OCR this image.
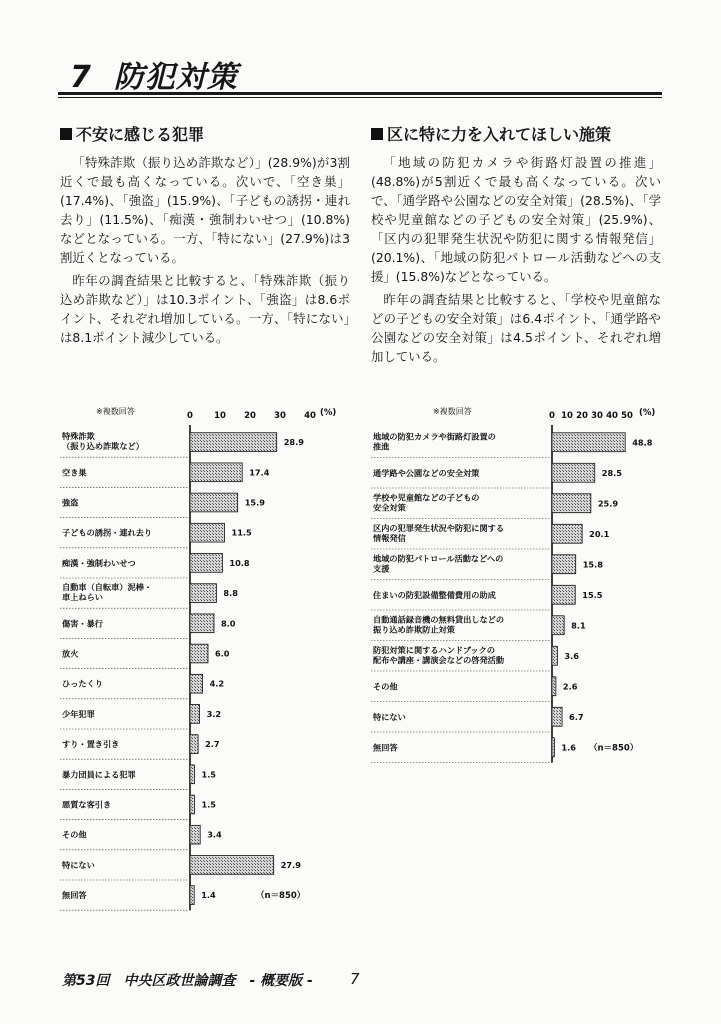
7 防犯対策
不安に感じる犯罪

「特殊詐欺（振り込め詐欺など）」(28.9%)が3割近くで最も高くなっている。次いで、「空き巣」(17.4%)、「強盗」(15.9%)、「子どもの誘拐・連れ去り」(11.5%)、「痴漢・強制わいせつ」(10.8%)などとなっている。一方、「特にない」(27.9%)は3割近くとなっている。

昨年の調査結果と比較すると、「特殊詐欺（振り込め詐欺など）」は10.3ポイント、「強盗」は8.6ポイント、それぞれ増加している。一方、「特にない」は8.1ポイント減少している。

区に特に力を入れてほしい施策

「地域の防犯カメラや街路灯設置の推進」(48.8%)が5割近くで最も高くなっている。次いで、「通学路や公園などの安全対策」(28.5%)、「学校や児童館などの子どもの安全対策」(25.9%)、「区内の犯罪発生状況や防犯に関する情報発信」(20.1%)、「地域の防犯パトロール活動などへの支援」(15.8%)などとなっている。

昨年の調査結果と比較すると、「学校や児童館などの子どもの安全対策」は6.4ポイント、「通学路や公園などの安全対策」は4.5ポイント、それぞれ増加している。

※複数回答	0 10 20 30 40 (%)
特殊詐欺
（振り込め詐欺など）	28.9
空き巣	17.4
強盗	15.9
子どもの誘拐・連れ去り	11.5
痴漢・強制わいせつ	10.8
自動車（自転車）泥棒・
車上ねらい	8.8
傷害・暴行	8.0
放火	6.0
ひったくり	4.2
少年犯罪	3.2
すり・置き引き	2.7
暴力団員による犯罪	1.5
悪質な客引き	1.5
その他	3.4
特にない	27.9
無回答	1.4	（n＝850）
※複数回答	0 10 20 30 40 50 (%)
地域の防犯カメラや街路灯設置の
推進	48.8
通学路や公園などの安全対策	28.5
学校や児童館などの子どもの
安全対策	25.9
区内の犯罪発生状況や防犯に関する
情報発信	20.1
地域の防犯パトロール活動などへの
支援	15.8
住まいの防犯設備整備費用の助成	15.5
自動通話録音機の無料貸出しなどの
振り込め詐欺防止対策	8.1
防犯対策に関するハンドブックの
配布や講座・講演会などの啓発活動	3.6
その他	2.6
特にない	6.7
無回答	1.6 （n＝850）
第53回　中央区政世論調査　- 概要版 - 7
